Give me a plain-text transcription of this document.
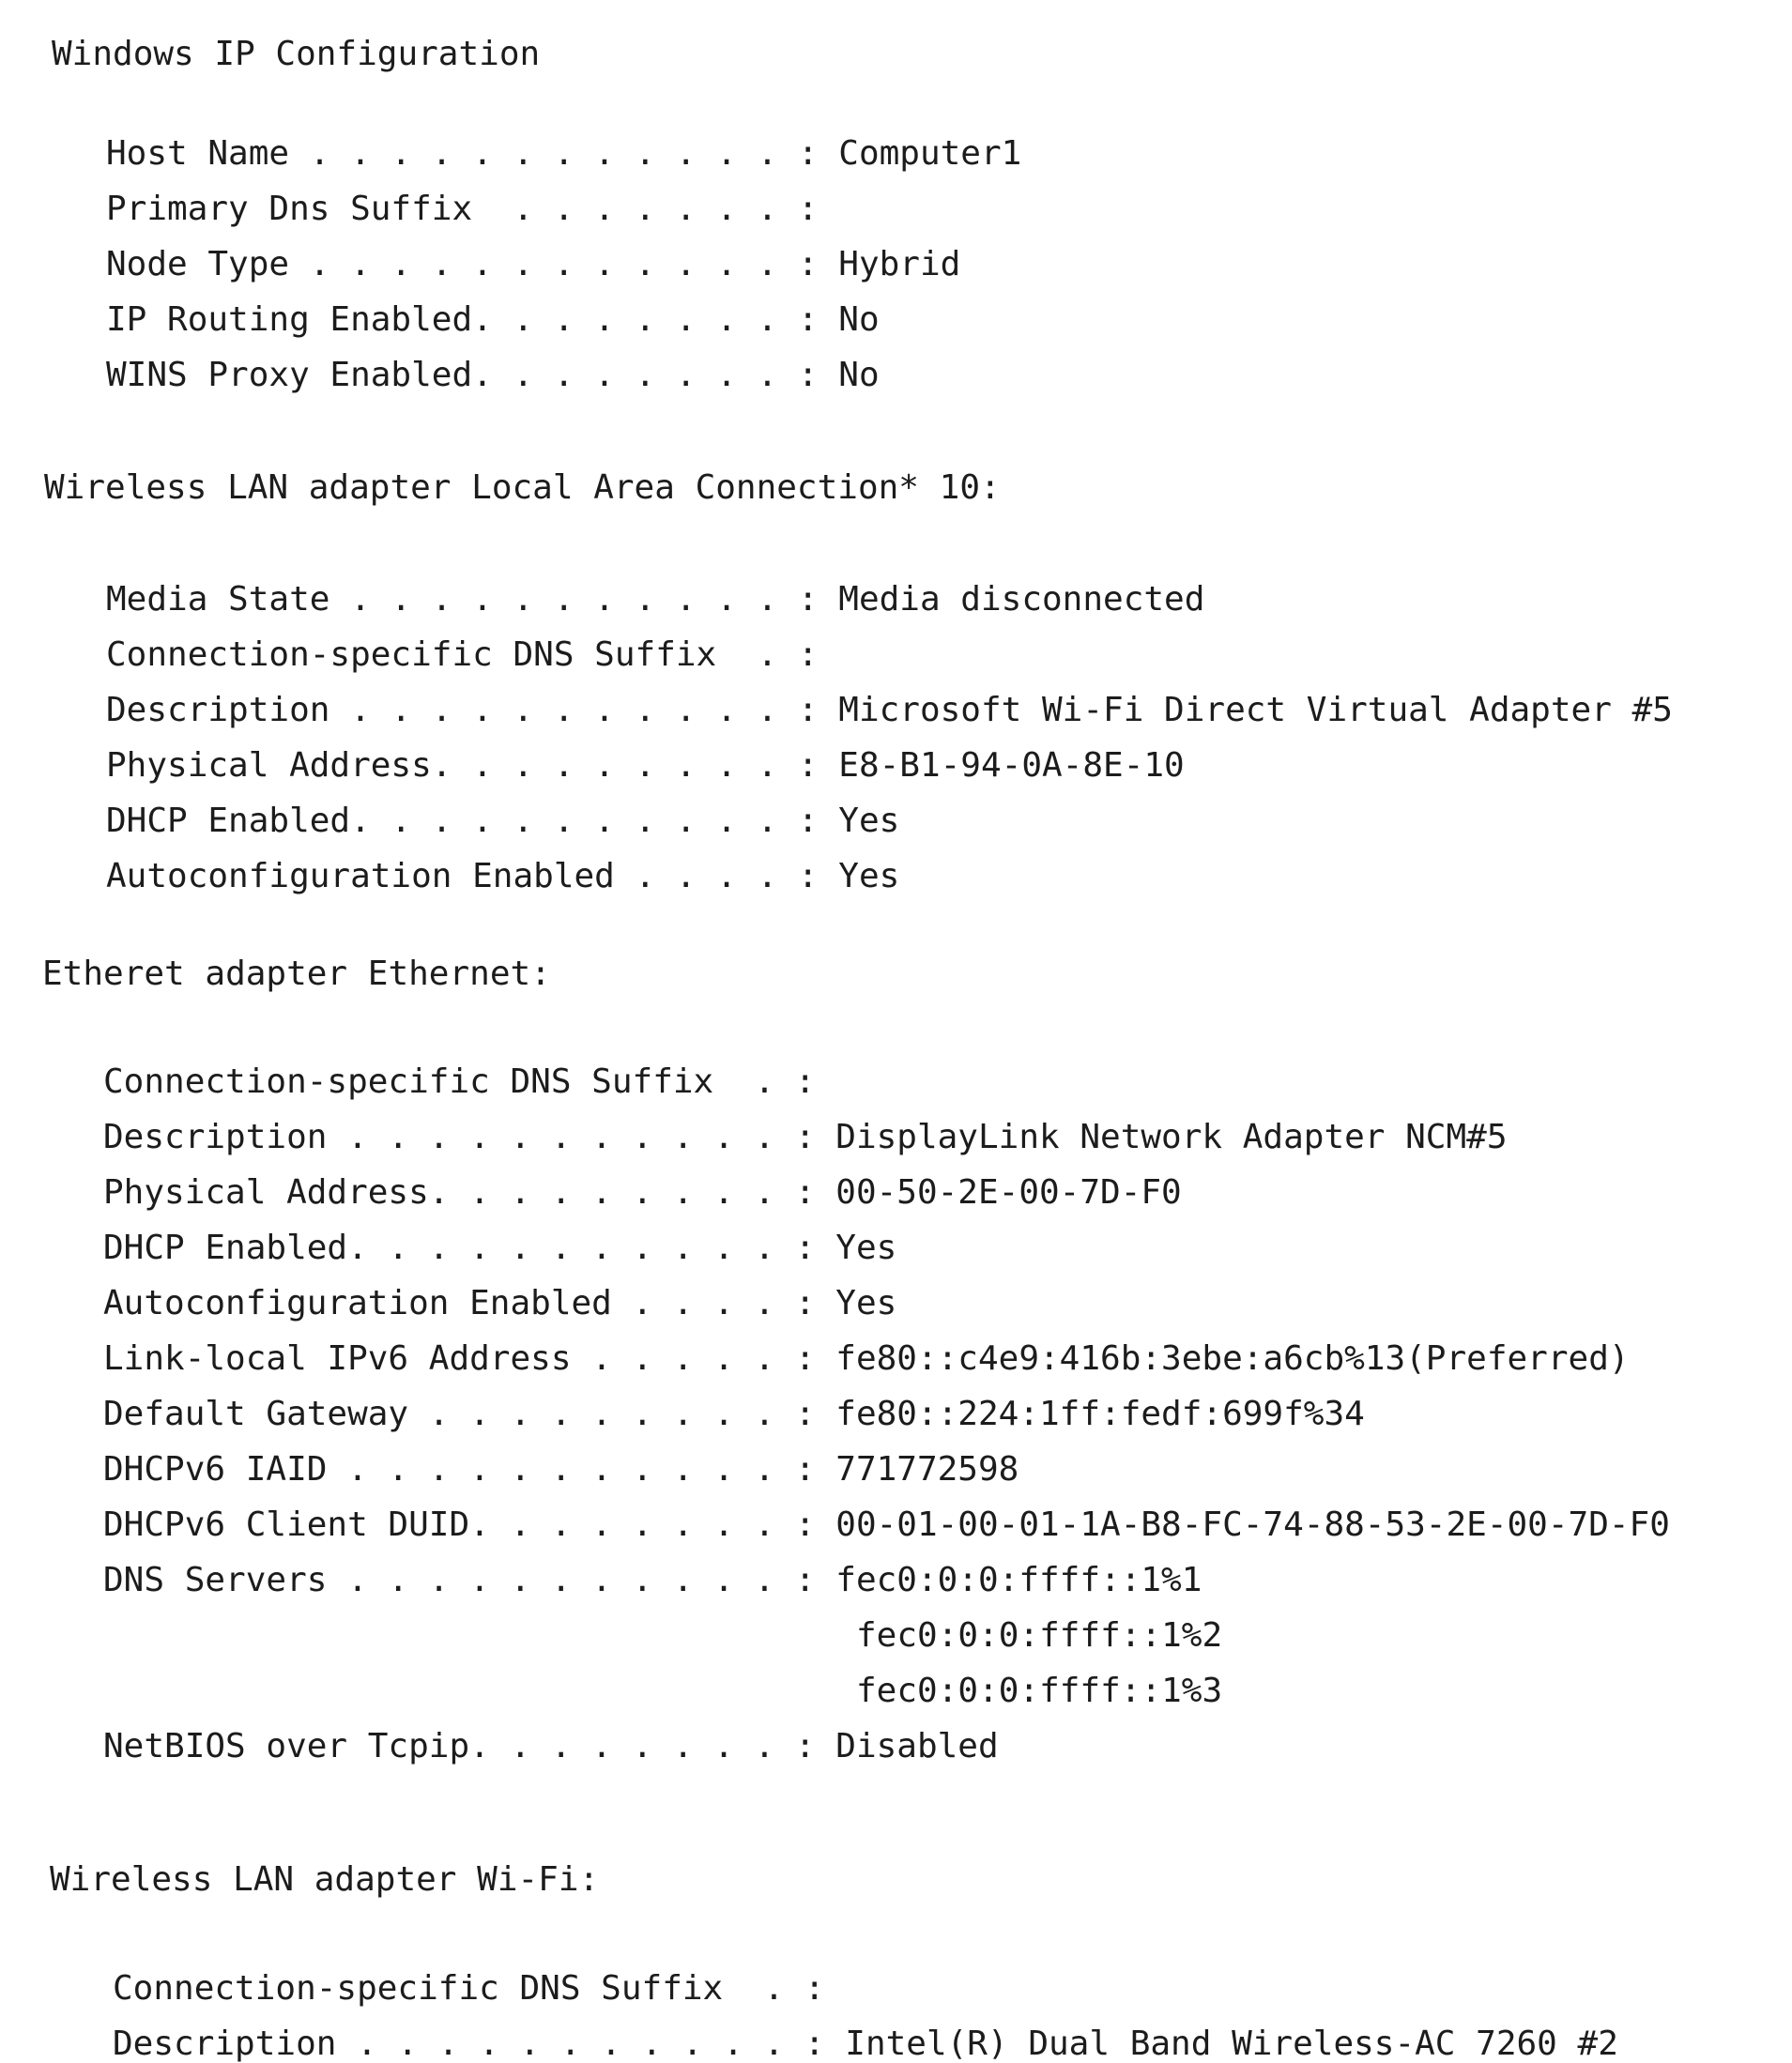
Windows IP Configuration
Host Name . . . . . . . . . . . . : Computer1
Primary Dns Suffix  . . . . . . . :
Node Type . . . . . . . . . . . . : Hybrid
IP Routing Enabled. . . . . . . . : No
WINS Proxy Enabled. . . . . . . . : No
Wireless LAN adapter Local Area Connection* 10:
Media State . . . . . . . . . . . : Media disconnected
Connection-specific DNS Suffix  . :
Description . . . . . . . . . . . : Microsoft Wi-Fi Direct Virtual Adapter #5
Physical Address. . . . . . . . . : E8-B1-94-0A-8E-10
DHCP Enabled. . . . . . . . . . . : Yes
Autoconfiguration Enabled . . . . : Yes
Etheret adapter Ethernet:
Connection-specific DNS Suffix  . :
Description . . . . . . . . . . . : DisplayLink Network Adapter NCM#5
Physical Address. . . . . . . . . : 00-50-2E-00-7D-F0
DHCP Enabled. . . . . . . . . . . : Yes
Autoconfiguration Enabled . . . . : Yes
Link-local IPv6 Address . . . . . : fe80::c4e9:416b:3ebe:a6cb%13(Preferred)
Default Gateway . . . . . . . . . : fe80::224:1ff:fedf:699f%34
DHCPv6 IAID . . . . . . . . . . . : 771772598
DHCPv6 Client DUID. . . . . . . . : 00-01-00-01-1A-B8-FC-74-88-53-2E-00-7D-F0
DNS Servers . . . . . . . . . . . : fec0:0:0:ffff::1%1
fec0:0:0:ffff::1%2
fec0:0:0:ffff::1%3
NetBIOS over Tcpip. . . . . . . . : Disabled
Wireless LAN adapter Wi-Fi:
Connection-specific DNS Suffix  . :
Description . . . . . . . . . . . : Intel(R) Dual Band Wireless-AC 7260 #2
